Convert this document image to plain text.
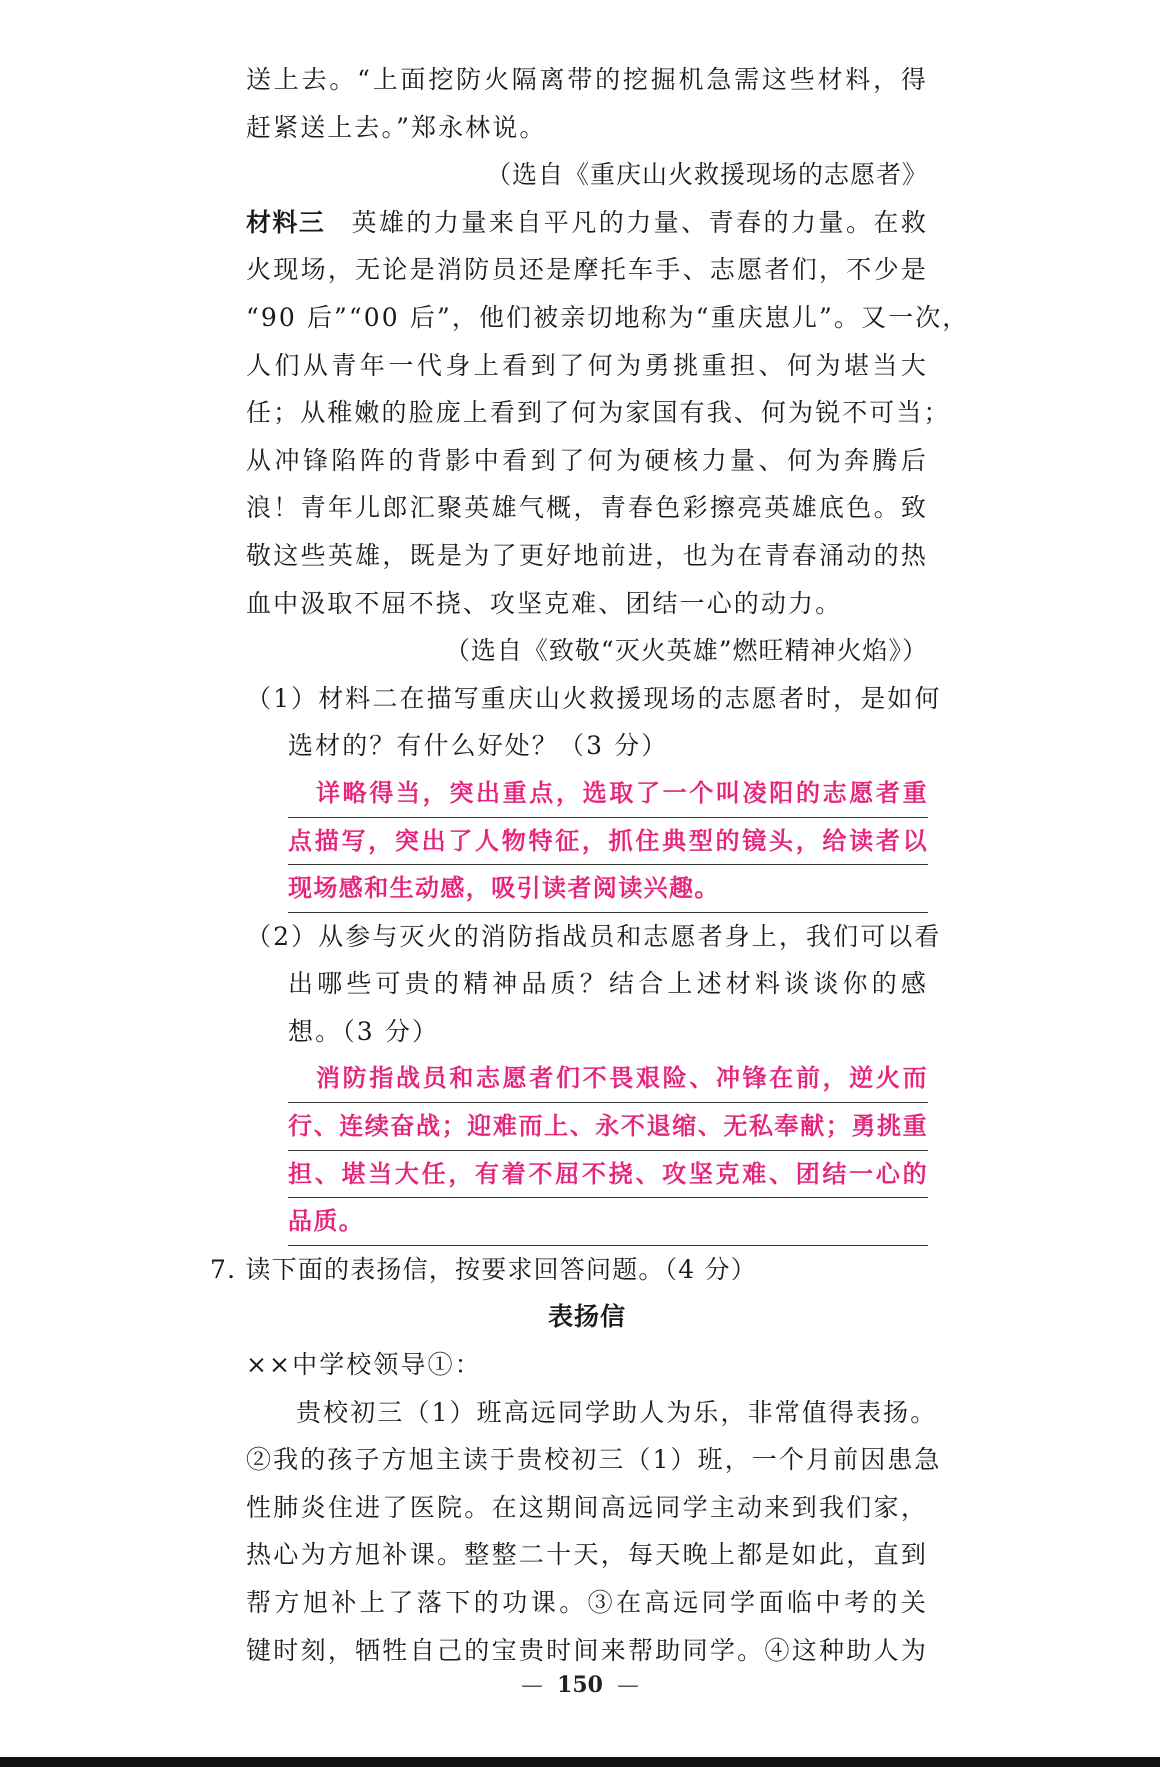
送上去。“上面挖防火隔离带的挖掘机急需这些材料，得
赶紧送上去。”郑永林说。
（选自《重庆山火救援现场的志愿者》
材料三 英雄的力量来自平凡的力量、青春的力量。在救
火现场，无论是消防员还是摩托车手、志愿者们，不少是
“90 后”“00 后”，他们被亲切地称为“重庆崽儿”。又一次，
人们从青年一代身上看到了何为勇挑重担、何为堪当大
任；从稚嫩的脸庞上看到了何为家国有我、何为锐不可当；
从冲锋陷阵的背影中看到了何为硬核力量、何为奔腾后
浪！青年儿郎汇聚英雄气概，青春色彩擦亮英雄底色。致
敬这些英雄，既是为了更好地前进，也为在青春涌动的热
血中汲取不屈不挠、攻坚克难、团结一心的动力。
（选自《致敬“灭火英雄”燃旺精神火焰》）
（1）材料二在描写重庆山火救援现场的志愿者时，是如何
选材的？有什么好处？（3 分）
详略得当，突出重点，选取了一个叫凌阳的志愿者重
点描写，突出了人物特征，抓住典型的镜头，给读者以
现场感和生动感，吸引读者阅读兴趣。
（2）从参与灭火的消防指战员和志愿者身上，我们可以看
出哪些可贵的精神品质？结合上述材料谈谈你的感
想。（3 分）
消防指战员和志愿者们不畏艰险、冲锋在前，逆火而
行、连续奋战；迎难而上、永不退缩、无私奉献；勇挑重
担、堪当大任，有着不屈不挠、攻坚克难、团结一心的
品质。
7. 读下面的表扬信，按要求回答问题。（4 分）
表扬信
××中学校领导①：
贵校初三（1）班高远同学助人为乐，非常值得表扬。
②我的孩子方旭主读于贵校初三（1）班，一个月前因患急
性肺炎住进了医院。在这期间高远同学主动来到我们家，
热心为方旭补课。整整二十天，每天晚上都是如此，直到
帮方旭补上了落下的功课。③在高远同学面临中考的关
键时刻，牺牲自己的宝贵时间来帮助同学。④这种助人为
— 150 —
